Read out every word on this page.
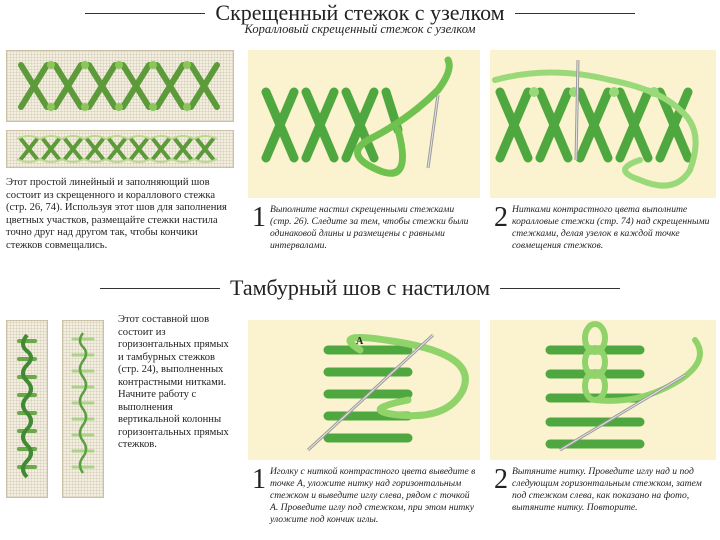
Скрещенный стежок с узелком
Коралловый скрещенный стежок с узелком
Этот простой линейный и заполняющий шов состоит из скрещенного и кораллового стежка (стр. 26, 74). Используя этот шов для заполнения цветных участков, размещайте стежки настила точно друг над другом так, чтобы кончики стежков совмещались.
1 Выполните настил скрещенными стежками (стр. 26). Следите за тем, чтобы стежки были одинаковой длины и размещены с равными интервалами.
2 Нитками контрастного цвета выполните коралловые стежки (стр. 74) над скрещенными стежками, делая узелок в каждой точке совмещения стежков.
Тамбурный шов с настилом
Этот составной шов состоит из горизонтальных прямых и тамбурных стежков (стр. 24), выполненных контрастными нитками. Начните работу с выполнения вертикальной колонны горизонтальных прямых стежков.
A
1 Иголку с ниткой контрастного цвета выведите в точке А, уложите нитку над горизонтальным стежком и выведите иглу слева, рядом с точкой А. Проведите иглу под стежком, при этом нитку уложите под кончик иглы.
2 Вытяните нитку. Проведите иглу над и под следующим горизонтальным стежком, затем под стежком слева, как показано на фото, вытяните нитку. Повторите.
